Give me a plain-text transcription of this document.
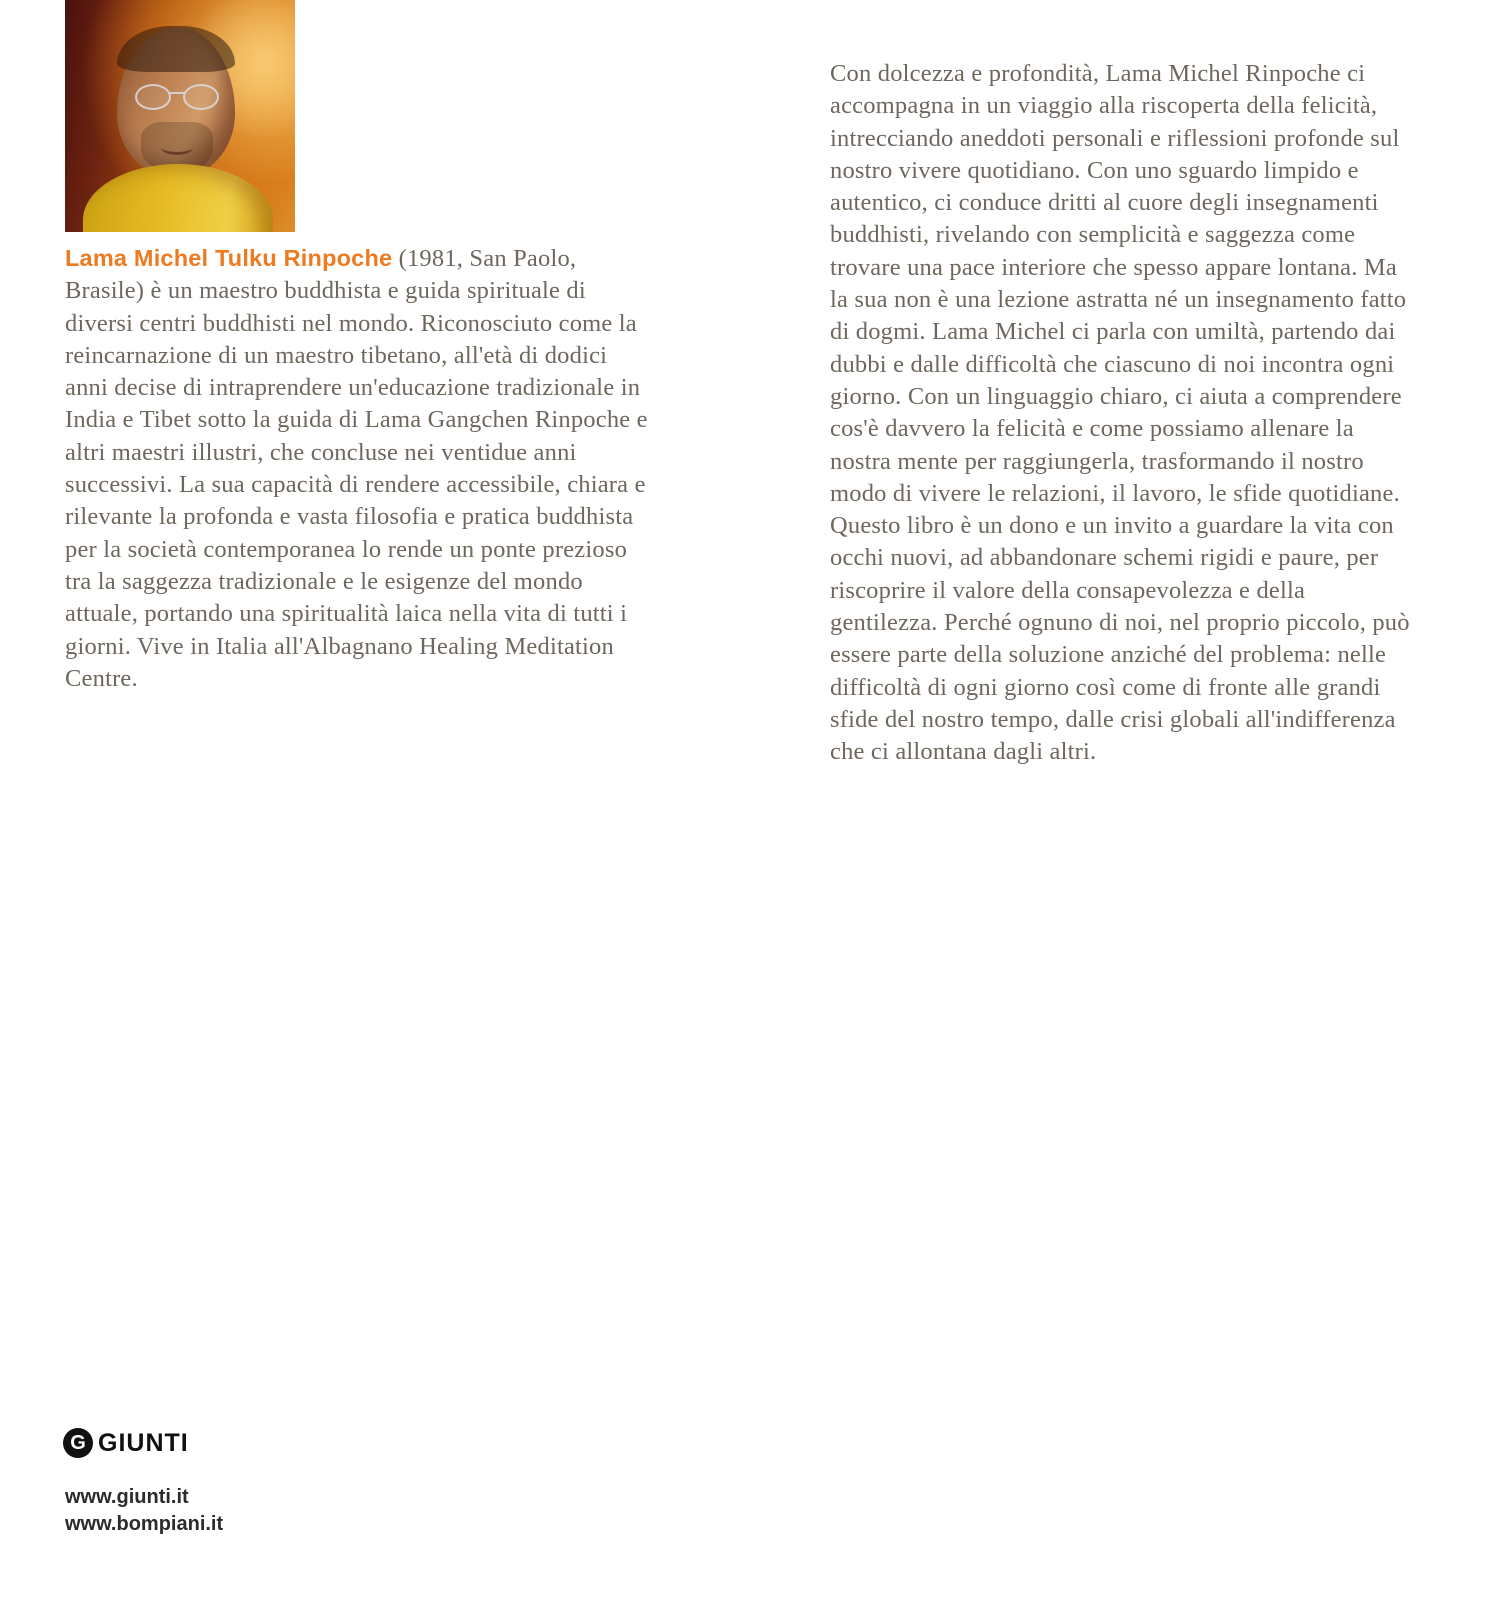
Lama Michel Tulku Rinpoche (1981, San Paolo, Brasile) è un maestro buddhista e guida spirituale di diversi centri buddhisti nel mondo. Riconosciuto come la reincarnazione di un maestro tibetano, all'età di dodici anni decise di intraprendere un'educazione tradizionale in India e Tibet sotto la guida di Lama Gangchen Rinpoche e altri maestri illustri, che concluse nei ventidue anni successivi. La sua capacità di rendere accessibile, chiara e rilevante la profonda e vasta filosofia e pratica buddhista per la società contemporanea lo rende un ponte prezioso tra la saggezza tradizionale e le esigenze del mondo attuale, portando una spiritualità laica nella vita di tutti i giorni. Vive in Italia all'Albagnano Healing Meditation Centre.

Con dolcezza e profondità, Lama Michel Rinpoche ci accompagna in un viaggio alla riscoperta della felicità, intrecciando aneddoti personali e riflessioni profonde sul nostro vivere quotidiano. Con uno sguardo limpido e autentico, ci conduce dritti al cuore degli insegnamenti buddhisti, rivelando con semplicità e saggezza come trovare una pace interiore che spesso appare lontana. Ma la sua non è una lezione astratta né un insegnamento fatto di dogmi. Lama Michel ci parla con umiltà, partendo dai dubbi e dalle difficoltà che ciascuno di noi incontra ogni giorno. Con un linguaggio chiaro, ci aiuta a comprendere cos'è davvero la felicità e come possiamo allenare la nostra mente per raggiungerla, trasformando il nostro modo di vivere le relazioni, il lavoro, le sfide quotidiane. Questo libro è un dono e un invito a guardare la vita con occhi nuovi, ad abbandonare schemi rigidi e paure, per riscoprire il valore della consapevolezza e della gentilezza. Perché ognuno di noi, nel proprio piccolo, può essere parte della soluzione anziché del problema: nelle difficoltà di ogni giorno così come di fronte alle grandi sfide del nostro tempo, dalle crisi globali all'indifferenza che ci allontana dagli altri.

G GIUNTI
www.giunti.it
www.bompiani.it
